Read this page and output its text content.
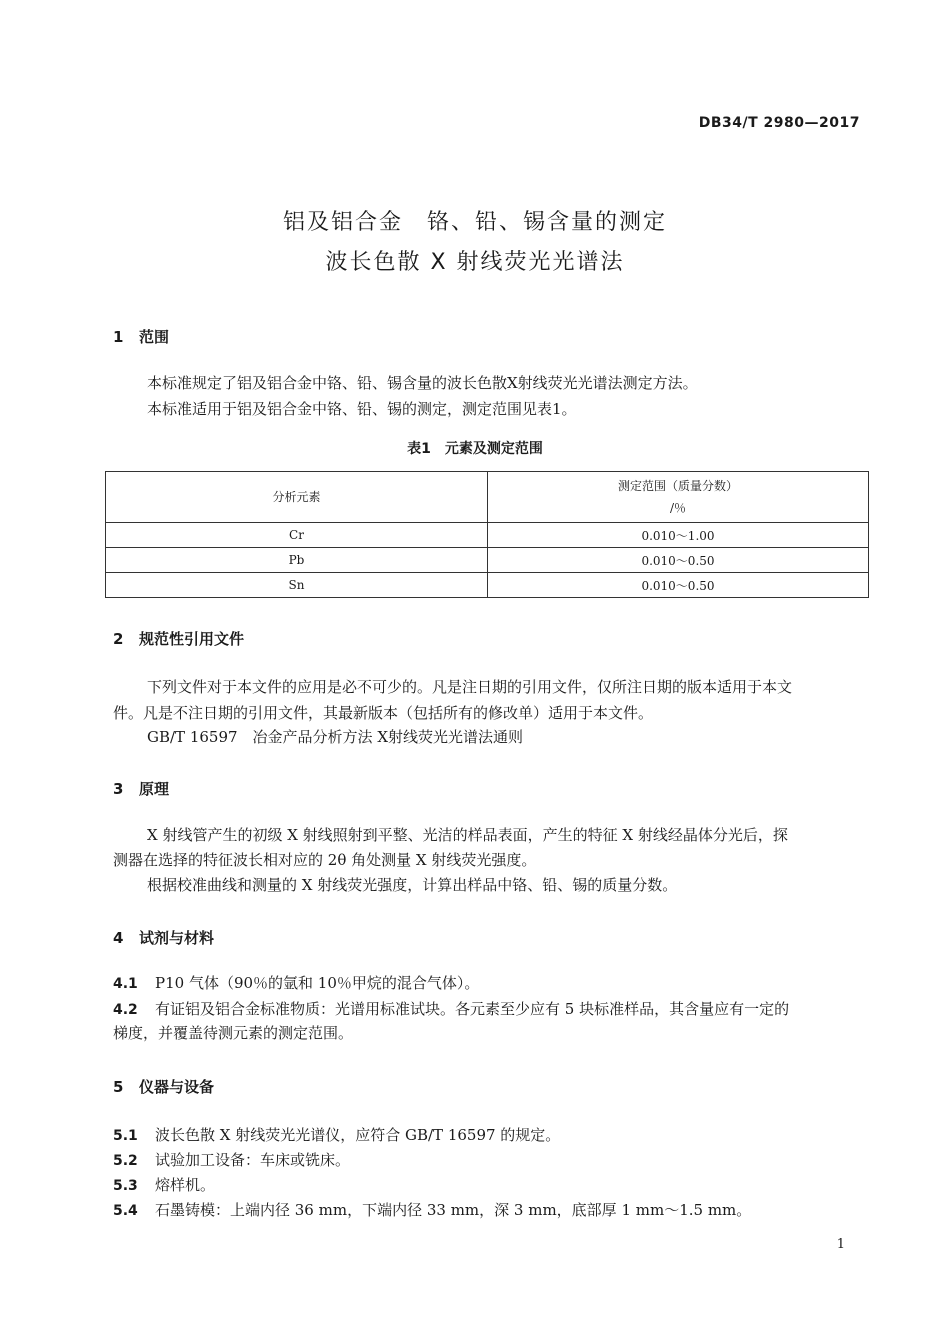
DB34/T 2980—2017
铝及铝合金　铬、铅、锡含量的测定
波长色散 X 射线荧光光谱法
1 范围
本标准规定了铝及铝合金中铬、铅、锡含量的波长色散X射线荧光光谱法测定方法。
本标准适用于铝及铝合金中铬、铅、锡的测定，测定范围见表1。
表1　元素及测定范围
分析元素	测定范围（质量分数）
/％

Cr	0.010～1.00
Pb	0.010～0.50
Sn	0.010～0.50
2 规范性引用文件
下列文件对于本文件的应用是必不可少的。凡是注日期的引用文件，仅所注日期的版本适用于本文
件。凡是不注日期的引用文件，其最新版本（包括所有的修改单）适用于本文件。
GB/T 16597　冶金产品分析方法 X射线荧光光谱法通则
3 原理
X 射线管产生的初级 X 射线照射到平整、光洁的样品表面，产生的特征 X 射线经晶体分光后，探
测器在选择的特征波长相对应的 2θ 角处测量 X 射线荧光强度。
根据校准曲线和测量的 X 射线荧光强度，计算出样品中铬、铅、锡的质量分数。
4 试剂与材料
4.1 P10 气体（90％的氩和 10％甲烷的混合气体）。
4.2 有证铝及铝合金标准物质：光谱用标准试块。各元素至少应有 5 块标准样品，其含量应有一定的
梯度，并覆盖待测元素的测定范围。
5 仪器与设备
5.1 波长色散 X 射线荧光光谱仪，应符合 GB/T 16597 的规定。
5.2 试验加工设备：车床或铣床。
5.3 熔样机。
5.4 石墨铸模：上端内径 36 mm，下端内径 33 mm，深 3 mm，底部厚 1 mm～1.5 mm。
1
